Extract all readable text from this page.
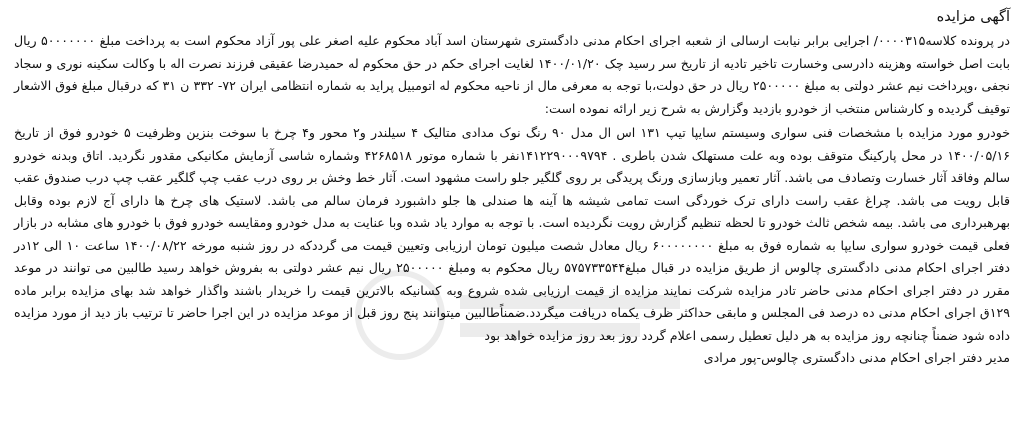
آگهی مزایده

در پرونده کلاسه۰۰۰۰۳۱۵/ اجرایی برابر نیابت ارسالی از شعبه اجرای احکام مدنی دادگستری شهرستان اسد آباد محکوم علیه اصغر علی پور آزاد محکوم است به پرداخت مبلغ ۵۰۰۰۰۰۰۰ ریال بابت اصل خواسته وهزینه دادرسی وخسارت تاخیر تادیه از تاریخ سر رسید چک ۱۴۰۰/۰۱/۲۰ لغایت اجرای حکم در حق محکوم له حمیدرضا عقیقی فرزند نصرت اله با وکالت سکینه نوری و سجاد نجفی ،وپرداخت نیم عشر دولتی به مبلغ ۲۵۰۰۰۰۰ ریال در حق دولت،با توجه به معرفی مال از ناحیه محکوم له اتومبیل پراید به شماره انتظامی ایران ۷۲- ۳۳۲ ن ۳۱ که درقبال مبلغ فوق الاشعار توقیف گردیده و کارشناس منتخب از خودرو بازدید وگزارش به شرح زیر ارائه نموده است:

خودرو مورد مزایده با مشخصات فنی سواری وسیستم سایپا تیپ ۱۳۱ اس ال مدل ۹۰ رنگ نوک مدادی متالیک ۴ سیلندر و۲ محور و۴ چرخ با سوخت بنزین وظرفیت ۵ خودرو فوق از تاریخ ۱۴۰۰/۰۵/۱۶ در محل پارکینگ متوقف بوده وبه علت مستهلک شدن باطری . ۱۴۱۲۲۹۰۰۰۹۷۹۴نفر با شماره موتور ۴۲۶۸۵۱۸ وشماره شاسی آزمایش مکانیکی مقدور نگردید. اتاق وبدنه خودرو سالم وفاقد آثار خسارت وتصادف می باشد. آثار تعمیر وبازسازی ورنگ پریدگی بر روی گلگیر جلو راست مشهود است. آثار خط وخش بر روی درب عقب چپ گلگیر عقب چپ درب صندوق عقب قابل رویت می باشد. چراغ عقب راست دارای ترک خوردگی است تمامی شیشه ها آینه ها صندلی ها جلو داشبورد فرمان سالم می باشد. لاستیک های چرخ ها دارای آج لازم بوده وقابل بهرهبرداری می باشد. بیمه شخص ثالث خودرو تا لحظه تنظیم گزارش رویت نگردیده است. با توجه به موارد یاد شده وبا عنایت به مدل خودرو ومقایسه خودرو فوق با خودرو های مشابه در بازار فعلی قیمت خودرو سواری سایپا به شماره فوق به مبلغ ۶۰۰۰۰۰۰۰۰ ریال معادل شصت میلیون تومان ارزیابی وتعیین قیمت می گرددکه در روز شنبه مورخه ۱۴۰۰/۰۸/۲۲ ساعت ۱۰ الی ۱۲در دفتر اجرای احکام مدنی دادگستری چالوس از طریق مزایده در قبال مبلغ۵۷۵۷۳۳۵۴۴ ریال محکوم به ومبلغ ۲۵۰۰۰۰۰ ریال نیم عشر دولتی به بفروش خواهد رسید طالبین می توانند در موعد مقرر در دفتر اجرای احکام مدنی حاضر تادر مزایده شرکت نمایند مزایده از قیمت ارزیابی شده شروع وبه کسانیکه بالاترین قیمت را خریدار باشند واگذار خواهد شد بهای مزایده برابر ماده ۱۲۹ق اجرای احکام مدنی ده درصد فی المجلس و مابقی حداکثر ظرف یکماه دریافت میگردد.ضمناًطالبین میتوانند پنج روز قبل از موعد مزایده در این اجرا حاضر تا ترتیب باز دید از مورد مزایده داده شود ضمناً چنانچه روز مزایده به هر دلیل تعطیل رسمی اعلام گردد روز بعد روز مزایده خواهد بود

مدیر دفتر اجرای احکام مدنی دادگستری چالوس-پور مرادی
